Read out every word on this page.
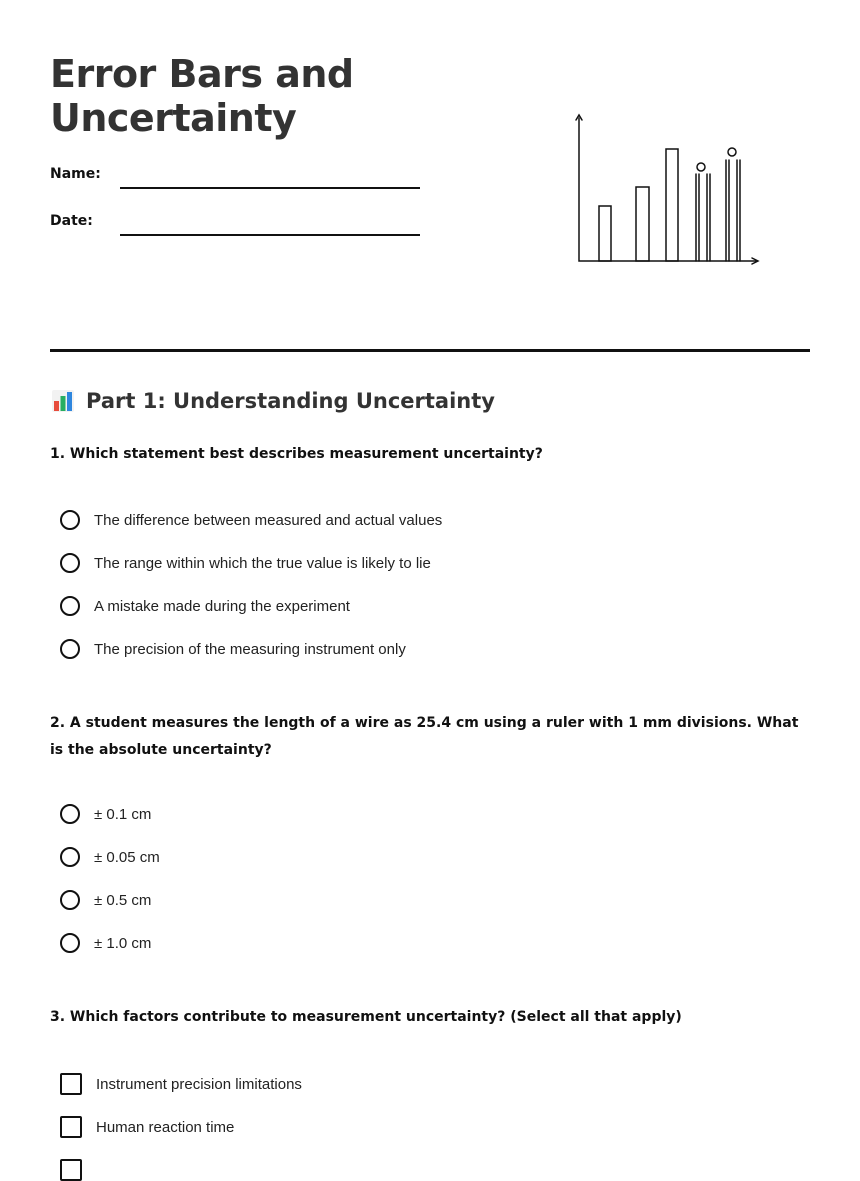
Error Bars and
Uncertainty
Name:
Date:
Part 1: Understanding Uncertainty

1. Which statement best describes measurement uncertainty?

The difference between measured and actual values
The range within which the true value is likely to lie
A mistake made during the experiment
The precision of the measuring instrument only

2. A student measures the length of a wire as 25.4 cm using a ruler with 1 mm divisions. What is the absolute uncertainty?

± 0.1 cm
± 0.05 cm
± 0.5 cm
± 1.0 cm

3. Which factors contribute to measurement uncertainty? (Select all that apply)

Instrument precision limitations
Human reaction time
